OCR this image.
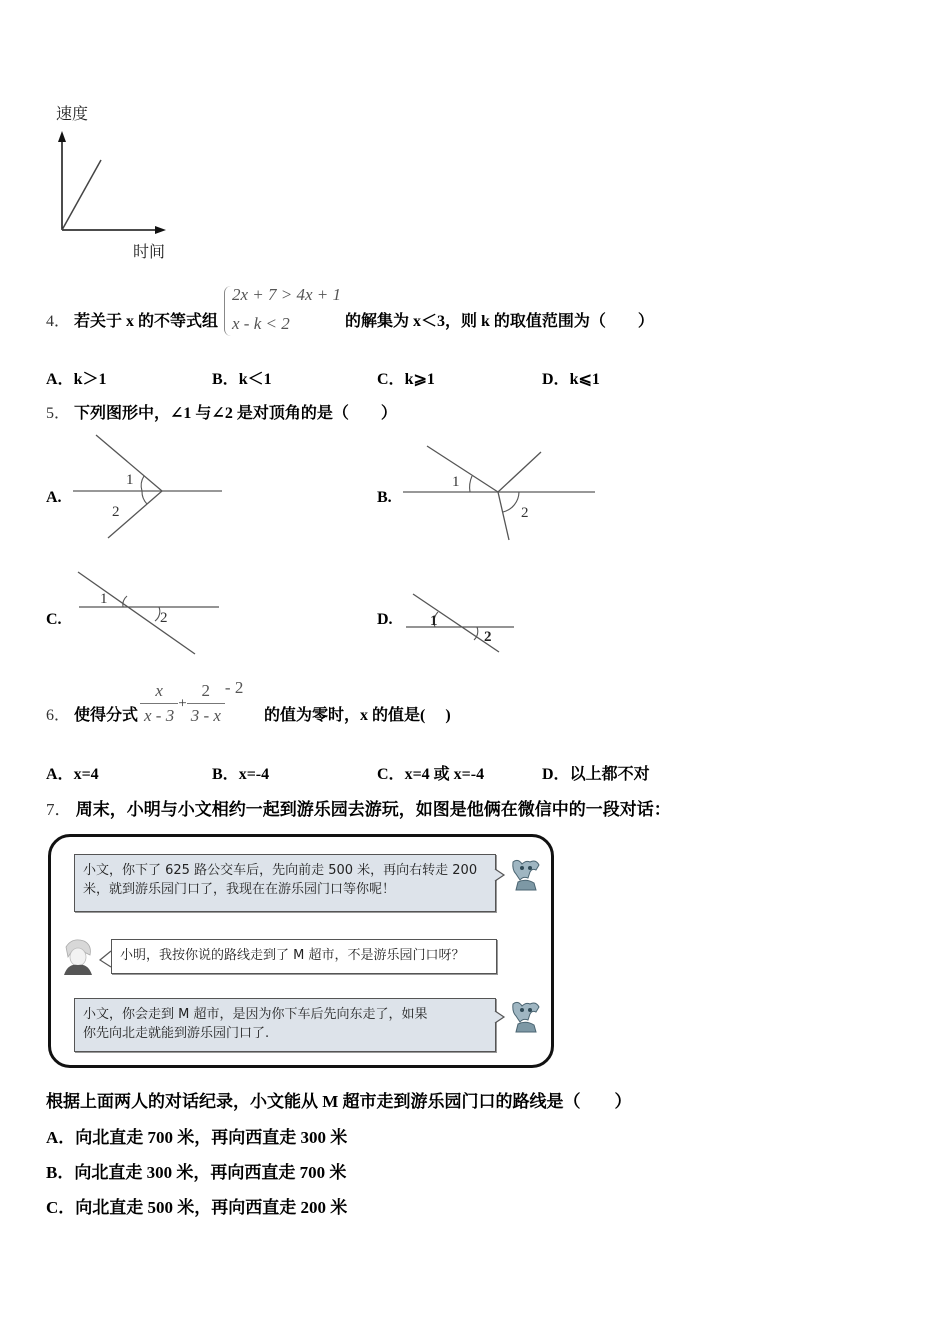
速度
时间
4． 若关于 x 的不等式组
2x + 7 > 4x + 1
x - k < 2	的解集为 x＜3，则 k 的取值范围为（　　）
A．k＞1	B．k＜1	C．k⩾1	D．k⩽1
5． 下列图形中，∠1 与∠2 是对顶角的是（　　）
A.
1
2
B.
1
2
C.
1
2	D. 1
2
6． 使得分式 $\frac{x}{x - 3} + \frac{2}{3 - x} - 2$
的值为零时，x 的值是(　 )
A．x=4	B．x=-4	C．x=4 或 x=-4	D．以上都不对
7． 周末，小明与小文相约一起到游乐园去游玩，如图是他俩在微信中的一段对话：
小文，你下了 625 路公交车后，先向前走 500 米，再向右转走 200
米，就到游乐园门口了，我现在在游乐园门口等你呢！
小明，我按你说的路线走到了 M 超市，不是游乐园门口呀？
小文，你会走到 M 超市，是因为你下车后先向东走了，如果
你先向北走就能到游乐园门口了.
根据上面两人的对话纪录，小文能从 M 超市走到游乐园门口的路线是（　　）
A．向北直走 700 米，再向西直走 300 米
B．向北直走 300 米，再向西直走 700 米
C．向北直走 500 米，再向西直走 200 米
